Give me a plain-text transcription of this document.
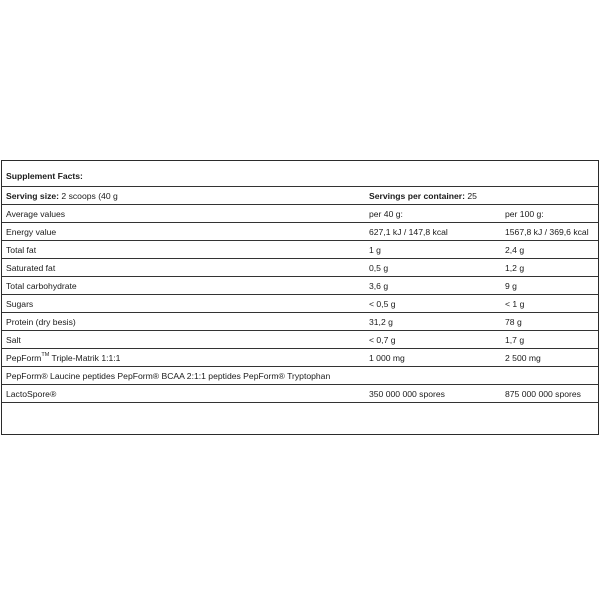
Supplement Facts:
Serving size: 2 scoops (40 g	Servings per container: 25
Average values	per 40 g:	per 100 g:
Energy value	627,1 kJ / 147,8 kcal	1567,8 kJ / 369,6 kcal
Total fat	1 g	2,4 g
Saturated fat	0,5 g	1,2 g
Total carbohydrate	3,6 g	9 g
Sugars	< 0,5 g	< 1 g
Protein (dry besis)	31,2 g	78 g
Salt	< 0,7 g	1,7 g
PepForm™ Triple-Matrik 1:1:1	1 000 mg	2 500 mg
PepForm® Laucine peptides PepForm® BCAA 2:1:1 peptides PepForm® Tryptophan
LactoSpore®	350 000 000 spores	875 000 000 spores
